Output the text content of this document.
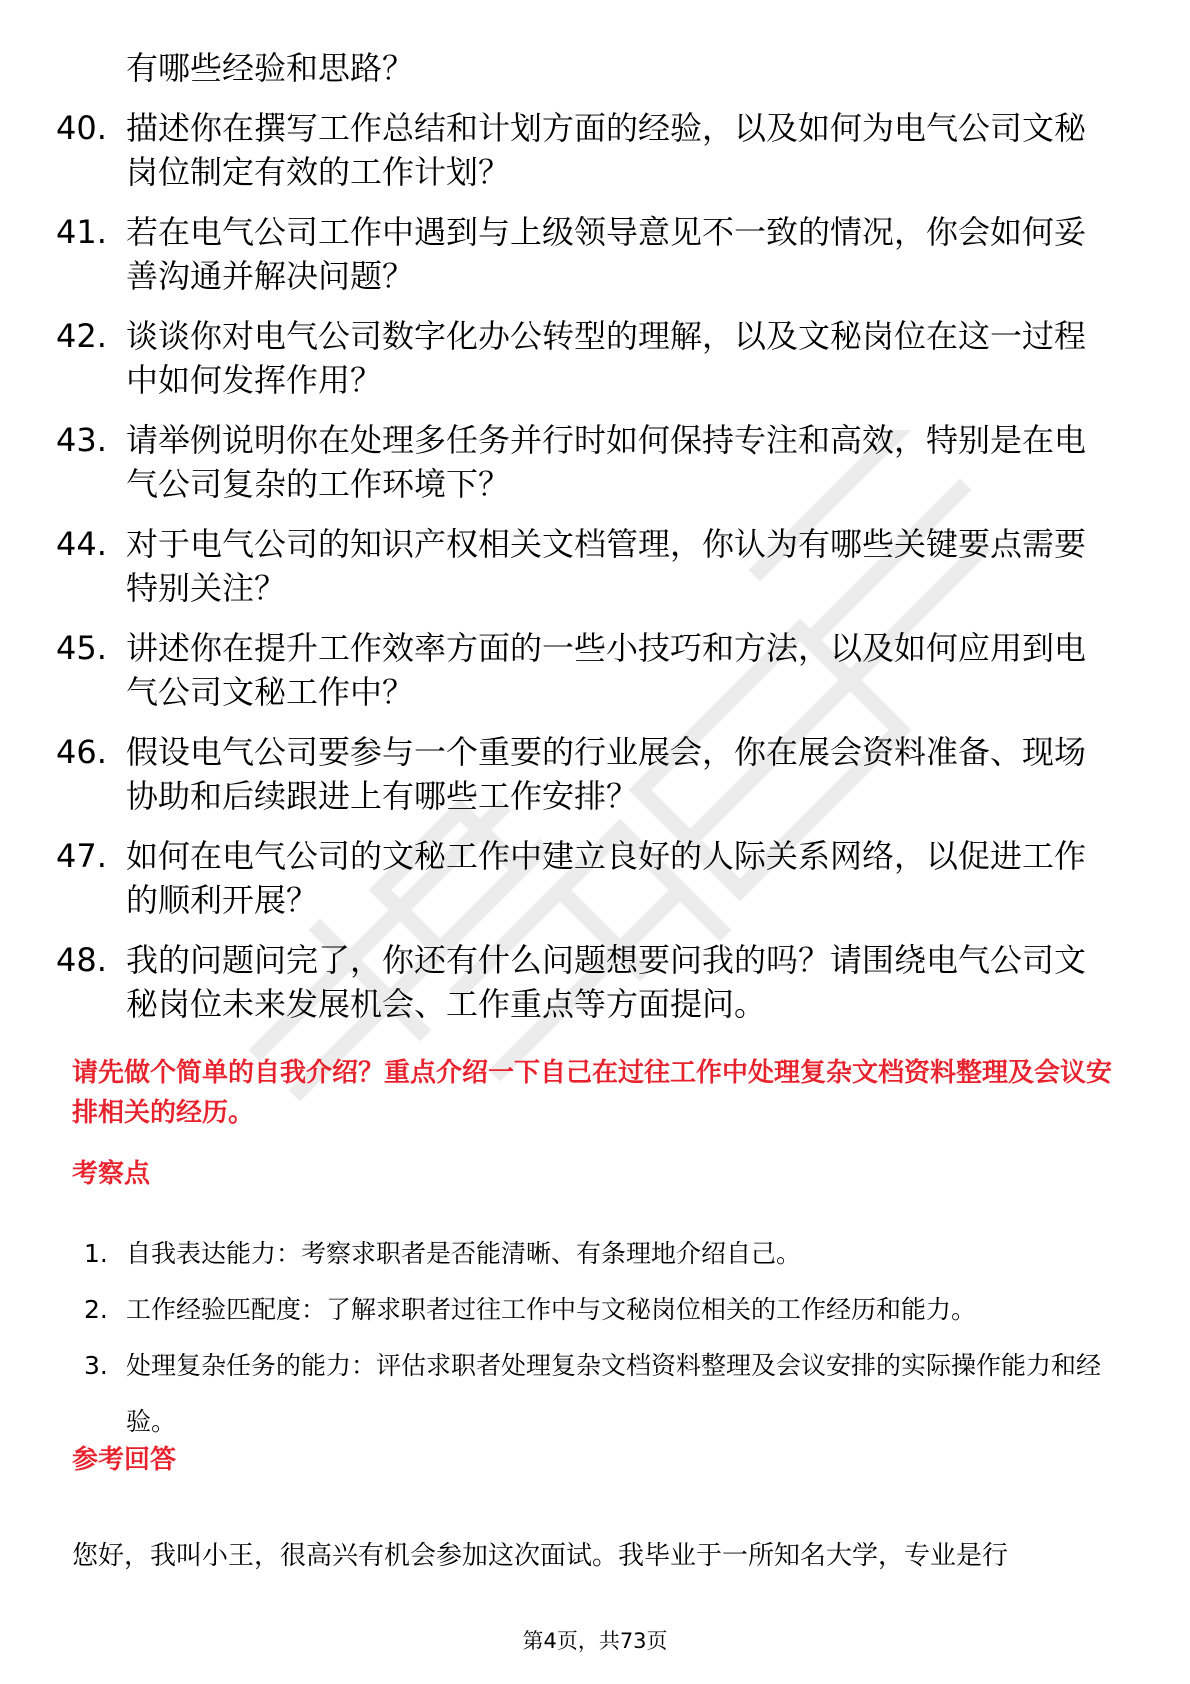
有哪些经验和思路？
40. 描述你在撰写工作总结和计划方面的经验，以及如何为电气公司文秘岗位制定有效的工作计划？
41. 若在电气公司工作中遇到与上级领导意见不一致的情况，你会如何妥善沟通并解决问题？
42. 谈谈你对电气公司数字化办公转型的理解，以及文秘岗位在这一过程中如何发挥作用？
43. 请举例说明你在处理多任务并行时如何保持专注和高效，特别是在电气公司复杂的工作环境下？
44. 对于电气公司的知识产权相关文档管理，你认为有哪些关键要点需要特别关注？
45. 讲述你在提升工作效率方面的一些小技巧和方法，以及如何应用到电气公司文秘工作中？
46. 假设电气公司要参与一个重要的行业展会，你在展会资料准备、现场协助和后续跟进上有哪些工作安排？
47. 如何在电气公司的文秘工作中建立良好的人际关系网络，以促进工作的顺利开展？
48. 我的问题问完了，你还有什么问题想要问我的吗？请围绕电气公司文秘岗位未来发展机会、工作重点等方面提问。
请先做个简单的自我介绍？重点介绍一下自己在过往工作中处理复杂文档资料整理及会议安排相关的经历。
考察点
1. 自我表达能力：考察求职者是否能清晰、有条理地介绍自己。
2. 工作经验匹配度：了解求职者过往工作中与文秘岗位相关的工作经历和能力。
3. 处理复杂任务的能力：评估求职者处理复杂文档资料整理及会议安排的实际操作能力和经验。
参考回答
您好，我叫小王，很高兴有机会参加这次面试。我毕业于一所知名大学，专业是行
第4页，共73页
